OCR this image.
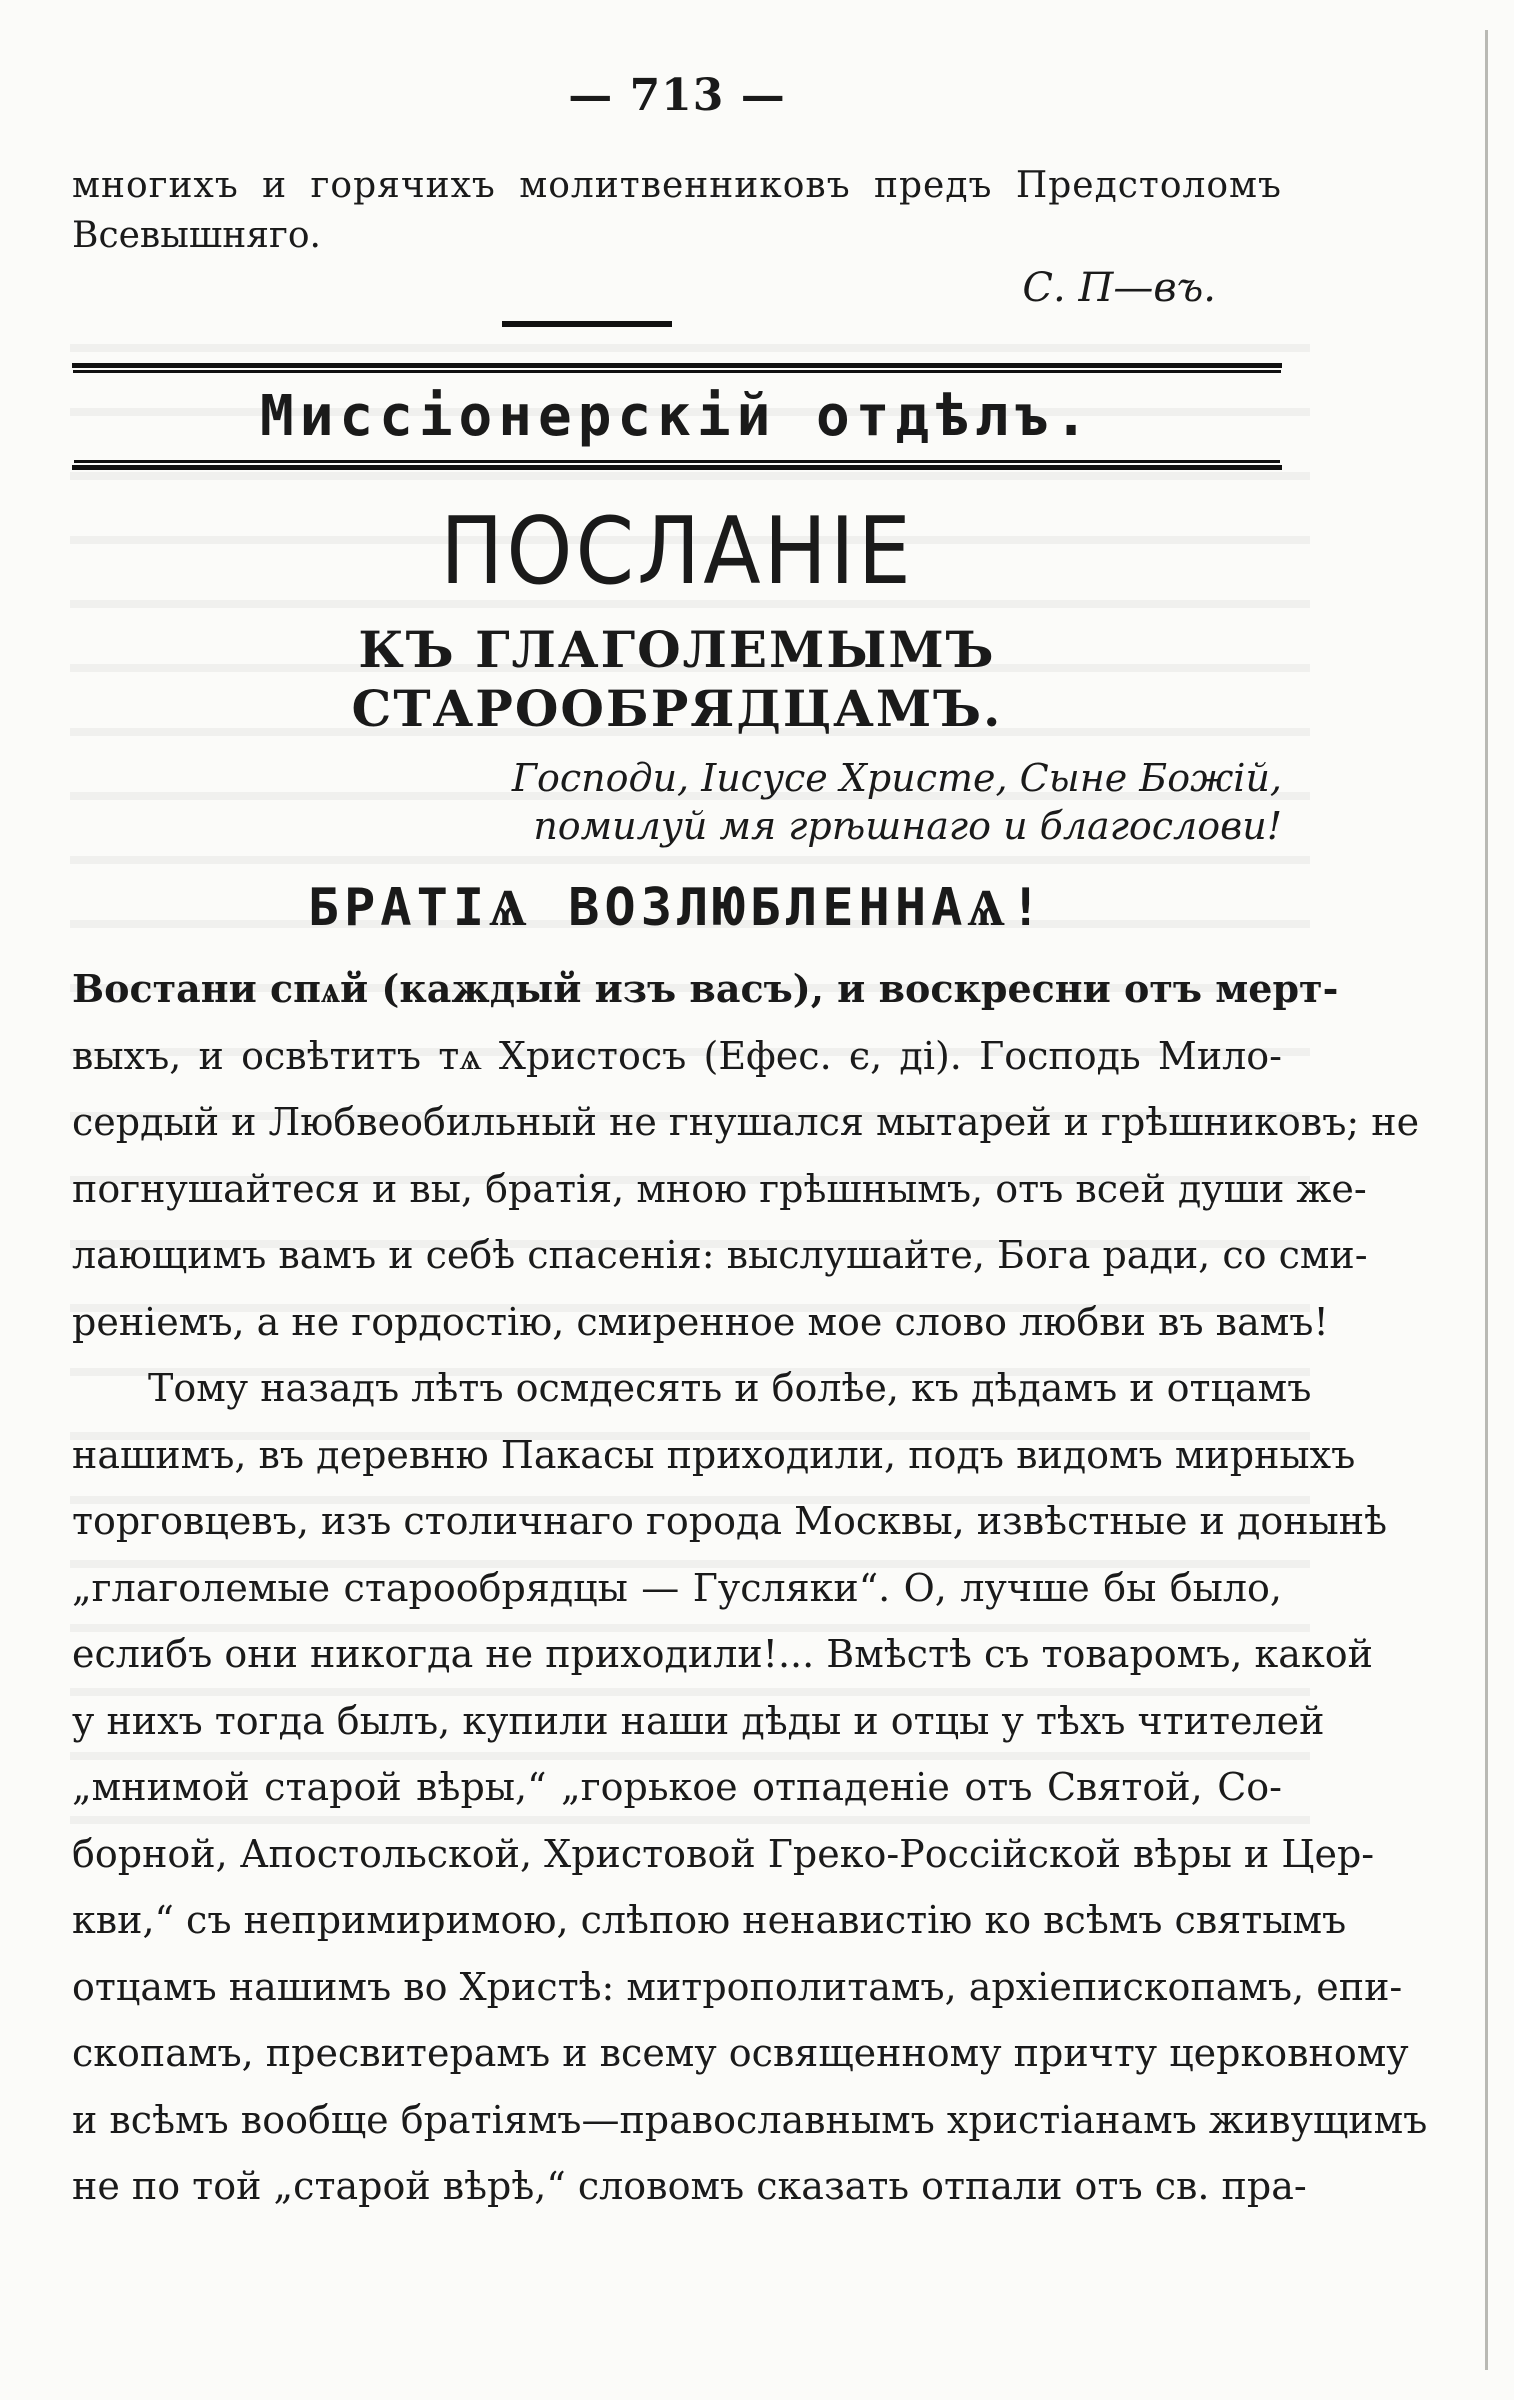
— 713 —
многихъ и горячихъ молитвенниковъ предъ Предстоломъ
Всевышняго.
С. П—въ.
Миссіонерскій отдѣлъ.
ПОСЛАНІЕ
КЪ ГЛАГОЛЕМЫМЪ СТАРООБРЯДЦАМЪ.
Господи, Іисусе Христе, Сыне Божій,
помилуй мя грѣшнаго и благослови!
БРАТІѦ ВОЗЛЮБЛЕННАѦ!
Востани спѧй (каждый изъ васъ), и воскресни отъ мерт-
выхъ, и освѣтитъ тѧ Христосъ (Ефес. є, ді). Господь Мило-
сердый и Любвеобильный не гнушался мытарей и грѣшниковъ; не
погнушайтеся и вы, братія, мною грѣшнымъ, отъ всей души же-
лающимъ вамъ и себѣ спасенія: выслушайте, Бога ради, со сми-
реніемъ, а не гордостію, смиренное мое слово любви въ вамъ!
Тому назадъ лѣтъ осмдесять и болѣе, къ дѣдамъ и отцамъ
нашимъ, въ деревню Пакасы приходили, подъ видомъ мирныхъ
торговцевъ, изъ столичнаго города Москвы, извѣстные и донынѣ
„глаголемые старообрядцы — Гусляки“. О, лучше бы было,
еслибъ они никогда не приходили!... Вмѣстѣ съ товаромъ, какой
у нихъ тогда былъ, купили наши дѣды и отцы у тѣхъ чтителей
„мнимой старой вѣры,“ „горькое отпаденіе отъ Святой, Со-
борной, Апостольской, Христовой Греко-Россійской вѣры и Цер-
кви,“ съ непримиримою, слѣпою ненавистію ко всѣмъ святымъ
отцамъ нашимъ во Христѣ: митрополитамъ, архіепископамъ, епи-
скопамъ, пресвитерамъ и всему освященному причту церковному
и всѣмъ вообще братіямъ—православнымъ христіанамъ живущимъ
не по той „старой вѣрѣ,“ словомъ сказать отпали отъ св. пра-
